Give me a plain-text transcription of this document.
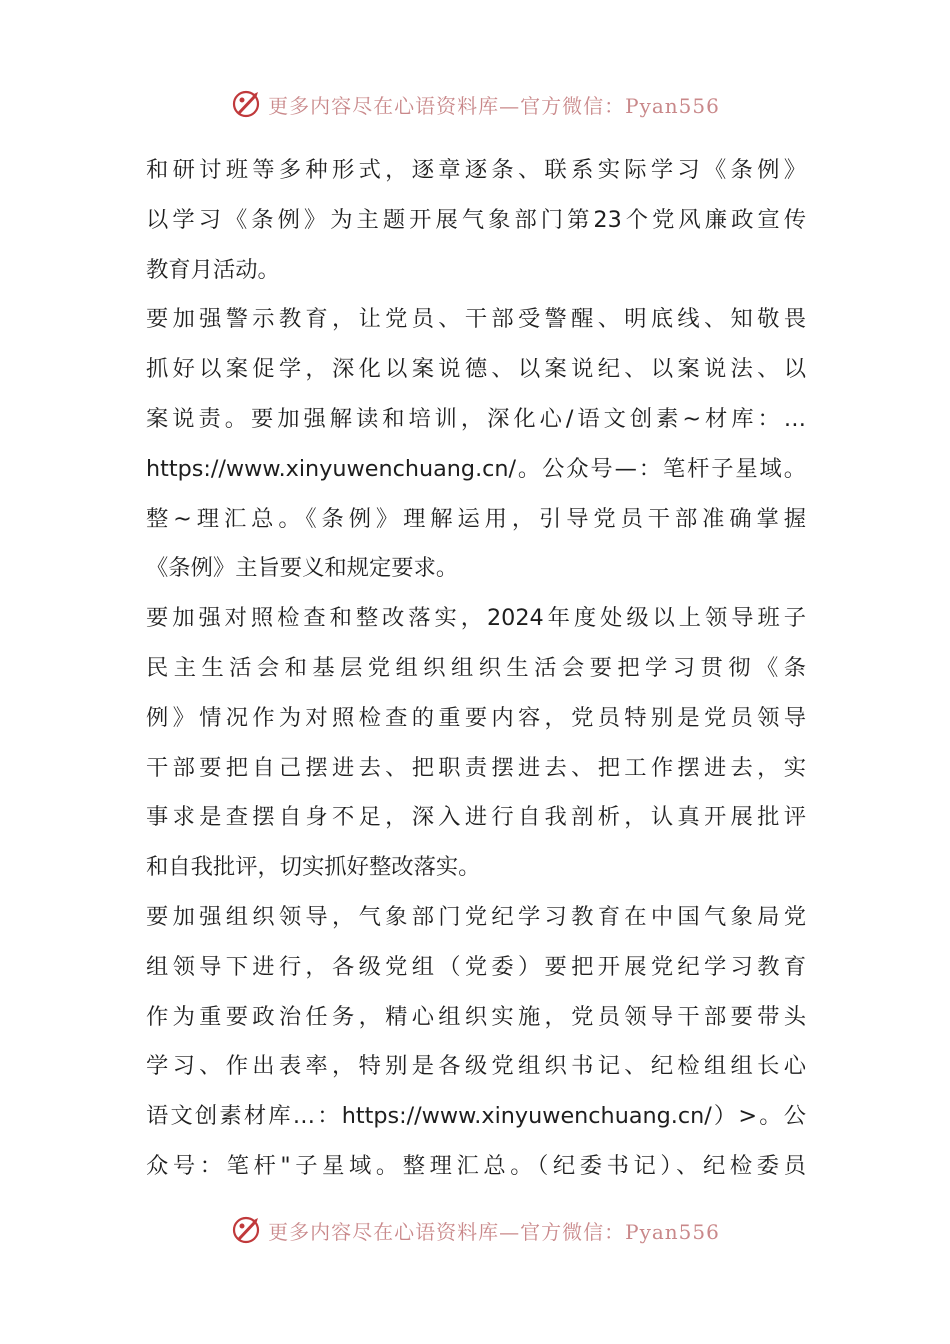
更多内容尽在心语资料库—官方微信：Pyan556
和研讨班等多种形式，逐章逐条、联系实际学习《条例》
以学习《条例》为主题开展气象部门第23个党风廉政宣传
教育月活动。
要加强警示教育，让党员、干部受警醒、明底线、知敬畏
抓好以案促学，深化以案说德、以案说纪、以案说法、以
案说责。要加强解读和培训，深化心/语文创素~材库：…
https://www.xinyuwenchuang.cn/。公众号—：笔杆子星域。
整~理汇总。《条例》理解运用，引导党员干部准确掌握
《条例》主旨要义和规定要求。
要加强对照检查和整改落实，2024年度处级以上领导班子
民主生活会和基层党组织组织生活会要把学习贯彻《条
例》情况作为对照检查的重要内容，党员特别是党员领导
干部要把自己摆进去、把职责摆进去、把工作摆进去，实
事求是查摆自身不足，深入进行自我剖析，认真开展批评
和自我批评，切实抓好整改落实。
要加强组织领导，气象部门党纪学习教育在中国气象局党
组领导下进行，各级党组（党委）要把开展党纪学习教育
作为重要政治任务，精心组织实施，党员领导干部要带头
学习、作出表率，特别是各级党组织书记、纪检组组长心
语文创素材库…：https://www.xinyuwenchuang.cn/）>。公
众号：笔杆"子星域。整理汇总。（纪委书记）、纪检委员
更多内容尽在心语资料库—官方微信：Pyan556
